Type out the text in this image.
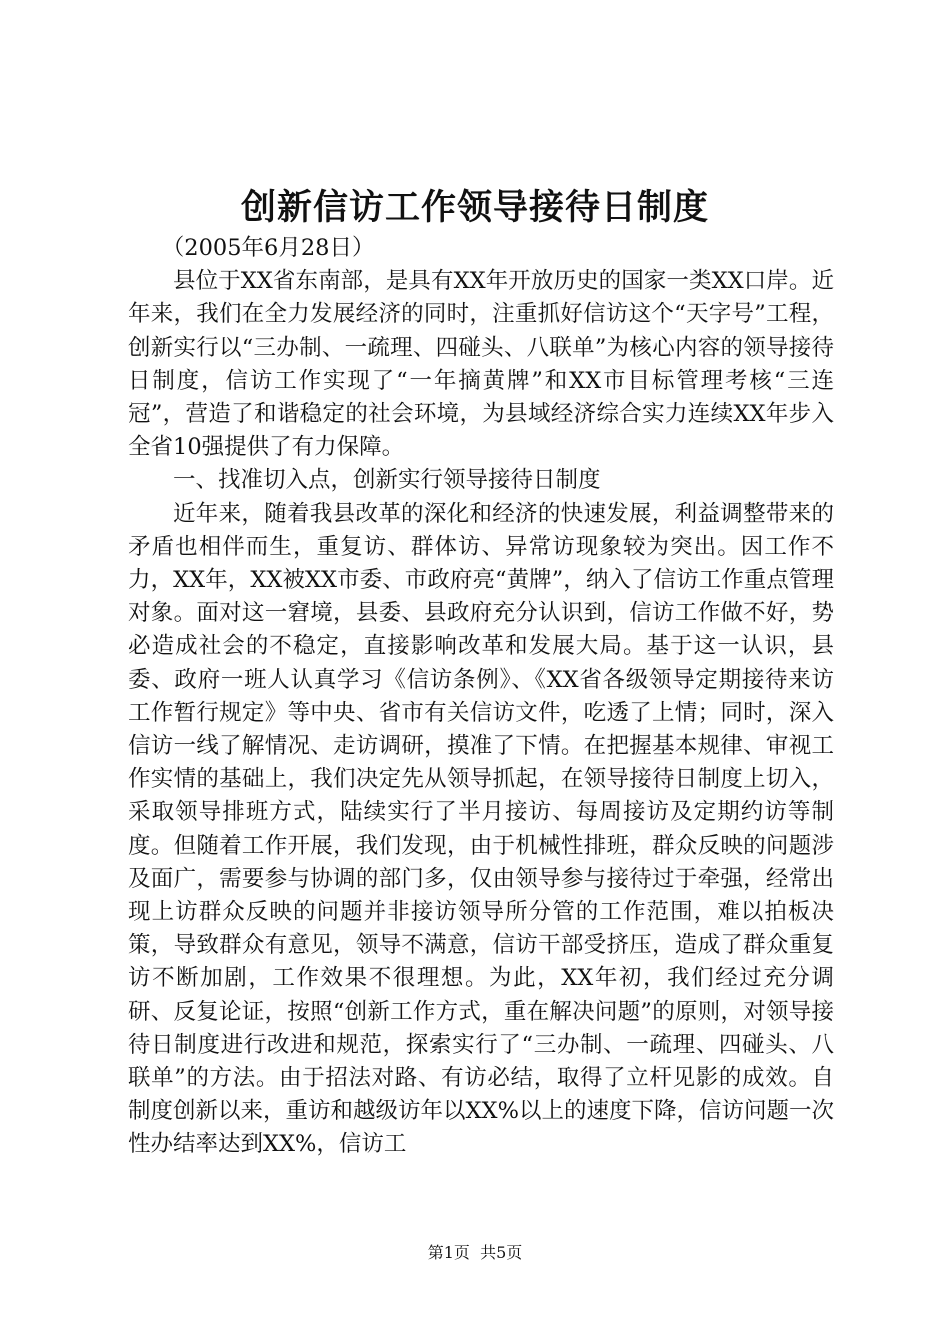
创新信访工作领导接待日制度

（2005年6月28日）

县位于XX省东南部，是具有XX年开放历史的国家一类XX口岸。近年来，我们在全力发展经济的同时，注重抓好信访这个“天字号”工程，创新实行以“三办制、一疏理、四碰头、八联单”为核心内容的领导接待日制度，信访工作实现了“一年摘黄牌”和XX市目标管理考核“三连冠”，营造了和谐稳定的社会环境，为县域经济综合实力连续XX年步入全省10强提供了有力保障。

一、找准切入点，创新实行领导接待日制度

近年来，随着我县改革的深化和经济的快速发展，利益调整带来的矛盾也相伴而生，重复访、群体访、异常访现象较为突出。因工作不力，XX年，XX被XX市委、市政府亮“黄牌”，纳入了信访工作重点管理对象。面对这一窘境，县委、县政府充分认识到，信访工作做不好，势必造成社会的不稳定，直接影响改革和发展大局。基于这一认识，县委、政府一班人认真学习《信访条例》、《XX省各级领导定期接待来访工作暂行规定》等中央、省市有关信访文件，吃透了上情；同时，深入信访一线了解情况、走访调研，摸准了下情。在把握基本规律、审视工作实情的基础上，我们决定先从领导抓起，在领导接待日制度上切入，采取领导排班方式，陆续实行了半月接访、每周接访及定期约访等制度。但随着工作开展，我们发现，由于机械性排班，群众反映的问题涉及面广，需要参与协调的部门多，仅由领导参与接待过于牵强，经常出现上访群众反映的问题并非接访领导所分管的工作范围，难以拍板决策，导致群众有意见，领导不满意，信访干部受挤压，造成了群众重复访不断加剧，工作效果不很理想。为此，XX年初，我们经过充分调研、反复论证，按照“创新工作方式，重在解决问题”的原则，对领导接待日制度进行改进和规范，探索实行了“三办制、一疏理、四碰头、八联单”的方法。由于招法对路、有访必结，取得了立杆见影的成效。自制度创新以来，重访和越级访年以XX%以上的速度下降，信访问题一次性办结率达到XX%，信访工

第1页  共5页
